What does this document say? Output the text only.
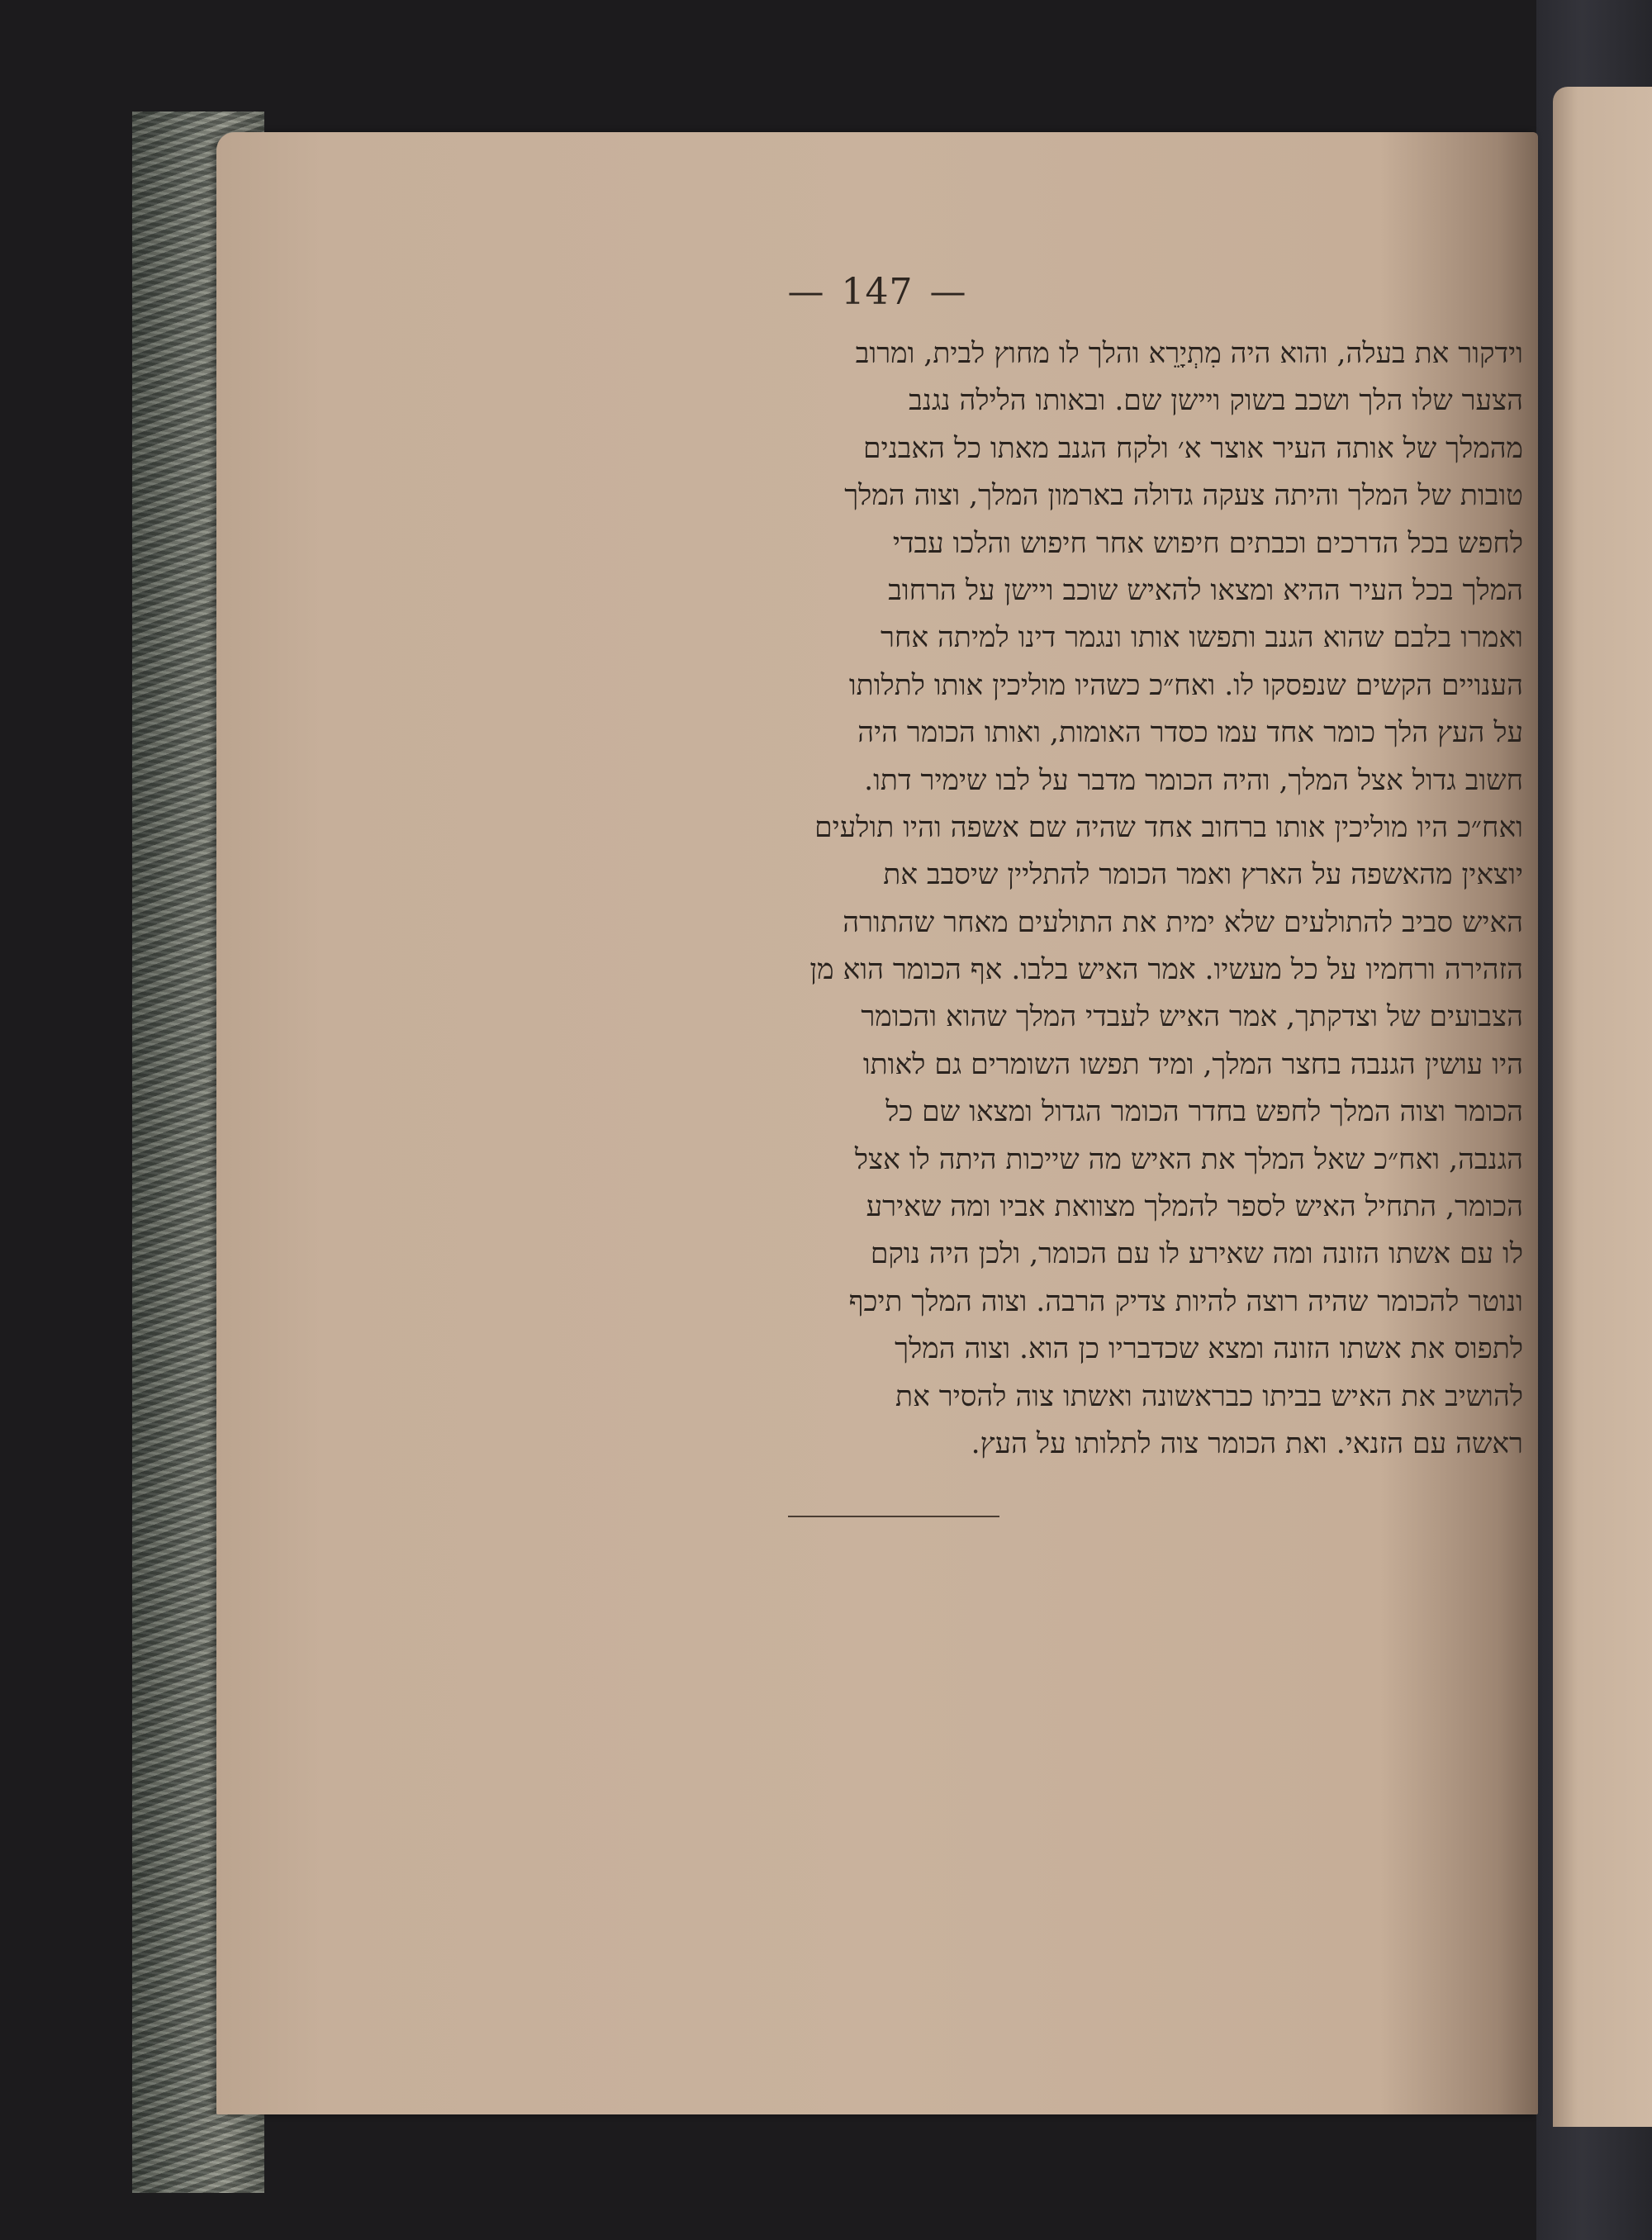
— 147 —
וידקור את בעלה, והוא היה מִתְיָרֵא והלך לו מחוץ לבית, ומרוב
הצער שלו הלך ושכב בשוק ויישן שם. ובאותו הלילה נגנב
מהמלך של אותה העיר אוצר א׳ ולקח הגנב מאתו כל האבנים
טובות של המלך והיתה צעקה גדולה בארמון המלך, וצוה המלך
לחפש בכל הדרכים וכבתים חיפוש אחר חיפוש והלכו עבדי
המלך בכל העיר ההיא ומצאו להאיש שוכב ויישן על הרחוב
ואמרו בלבם שהוא הגנב ותפשו אותו ונגמר דינו למיתה אחר
הענויים הקשים שנפסקו לו. ואח״כ כשהיו מוליכין אותו לתלותו
על העץ הלך כומר אחד עמו כסדר האומות, ואותו הכומר היה
חשוב גדול אצל המלך, והיה הכומר מדבר על לבו שימיר דתו.
ואח״כ היו מוליכין אותו ברחוב אחד שהיה שם אשפה והיו תולעים
יוצאין מהאשפה על הארץ ואמר הכומר להתליין שיסבב את
האיש סביב להתולעים שלא ימית את התולעים מאחר שהתורה
הזהירה ורחמיו על כל מעשיו. אמר האיש בלבו. אף הכומר הוא מן
הצבועים של וצדקתך, אמר האיש לעבדי המלך שהוא והכומר
היו עושין הגנבה בחצר המלך, ומיד תפשו השומרים גם לאותו
הכומר וצוה המלך לחפש בחדר הכומר הגדול ומצאו שם כל
הגנבה, ואח״כ שאל המלך את האיש מה שייכות היתה לו אצל
הכומר, התחיל האיש לספר להמלך מצוואת אביו ומה שאירע
לו עם אשתו הזונה ומה שאירע לו עם הכומר, ולכן היה נוקם
ונוטר להכומר שהיה רוצה להיות צדיק הרבה. וצוה המלך תיכף
לתפוס את אשתו הזונה ומצא שכדבריו כן הוא. וצוה המלך
להושיב את האיש בביתו כבראשונה ואשתו צוה להסיר את
ראשה עם הזנאי. ואת הכומר צוה לתלותו על העץ.
